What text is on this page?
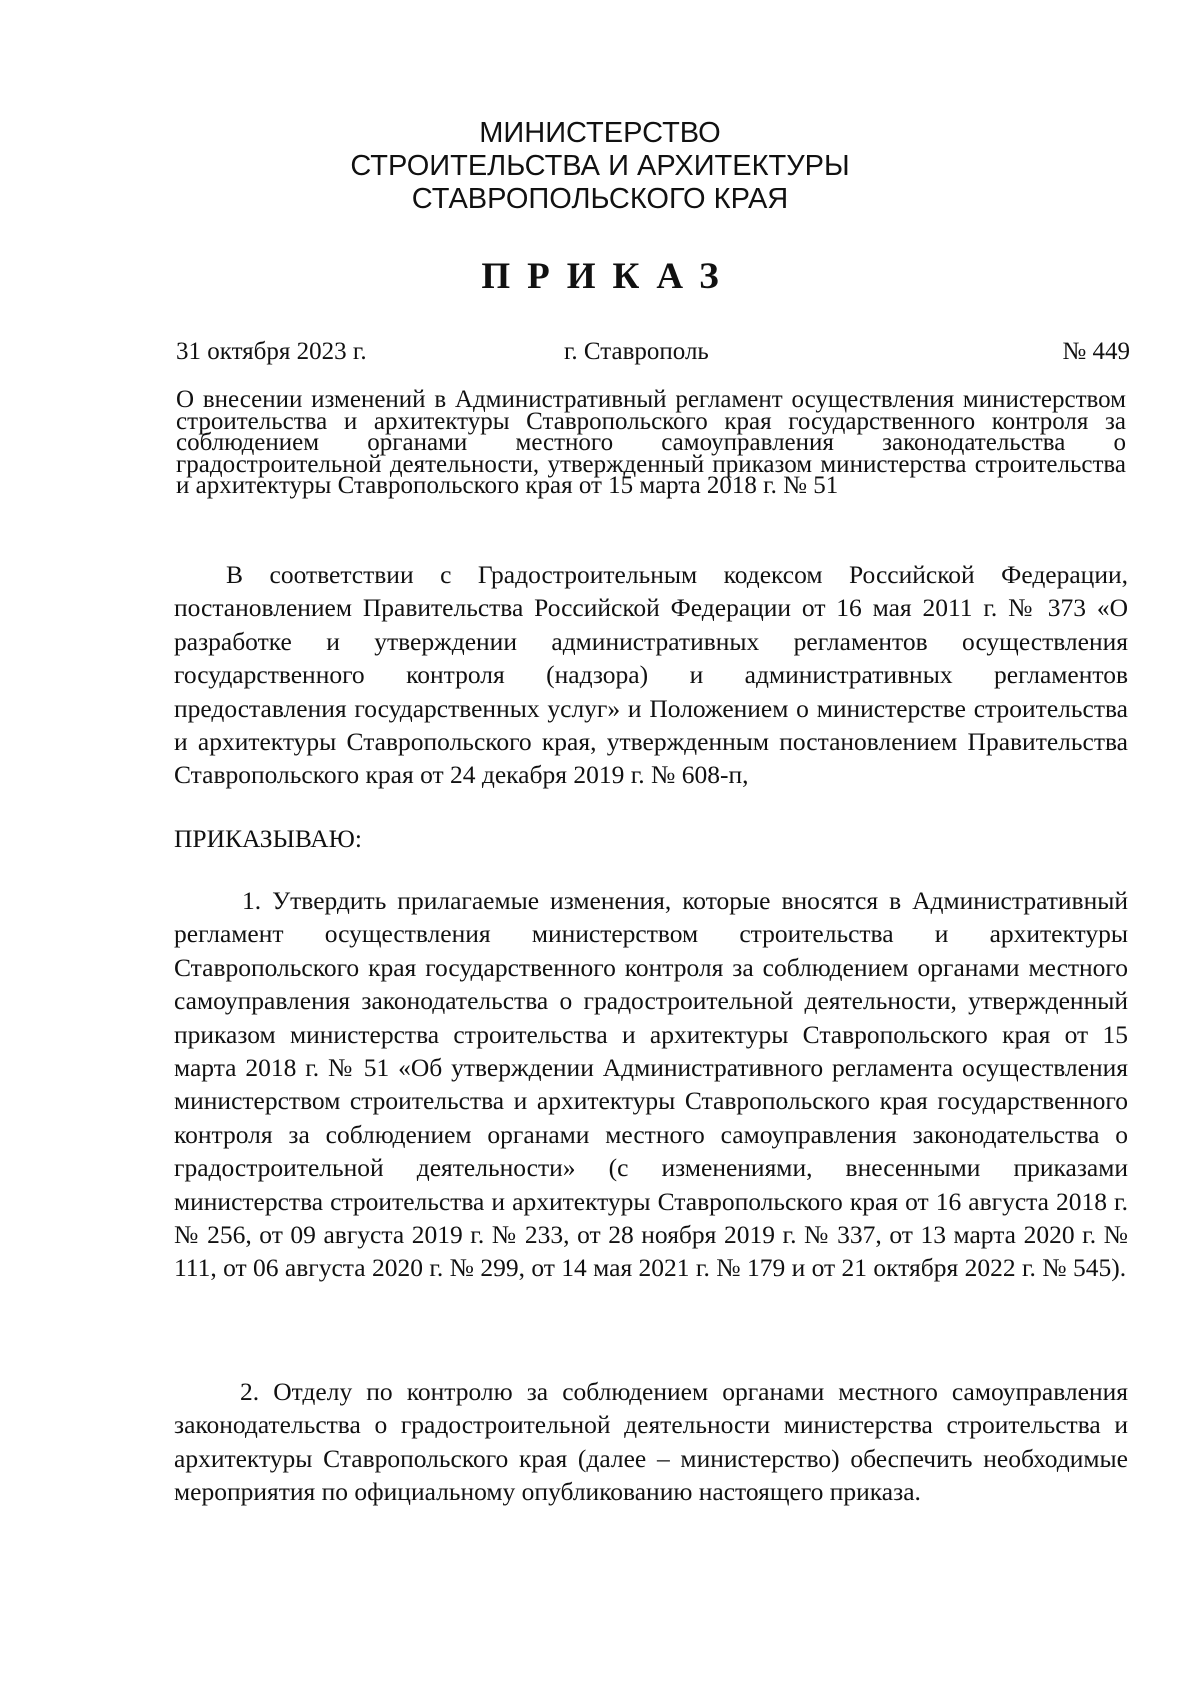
МИНИСТЕРСТВО
СТРОИТЕЛЬСТВА И АРХИТЕКТУРЫ
СТАВРОПОЛЬСКОГО КРАЯ
ПРИКАЗ
31 октября 2023 г.	г. Ставрополь	№ 449
О внесении изменений в Административный регламент осуществления министерством строительства и архитектуры Ставропольского края государственного контроля за соблюдением органами местного самоуправления законодательства о градостроительной деятельности, утвержденный приказом министерства строительства и архитектуры Ставропольского края от 15 марта 2018 г. № 51
В соответствии с Градостроительным кодексом Российской Федерации, постановлением Правительства Российской Федерации от 16 мая 2011 г. № 373 «О разработке и утверждении административных регламентов осуществления государственного контроля (надзора) и административных регламентов предоставления государственных услуг» и Положением о министерстве строительства и архитектуры Ставропольского края, утвержденным постановлением Правительства Ставропольского края от 24 декабря 2019 г. № 608-п,
ПРИКАЗЫВАЮ:
1. Утвердить прилагаемые изменения, которые вносятся в Административный регламент осуществления министерством строительства и архитектуры Ставропольского края государственного контроля за соблюдением органами местного самоуправления законодательства о градостроительной деятельности, утвержденный приказом министерства строительства и архитектуры Ставропольского края от 15 марта 2018 г. № 51 «Об утверждении Административного регламента осуществления министерством строительства и архитектуры Ставропольского края государственного контроля за соблюдением органами местного самоуправления законодательства о градостроительной деятельности» (с изменениями, внесенными приказами министерства строительства и архитектуры Ставропольского края от 16 августа 2018 г. № 256, от 09 августа 2019 г. № 233, от 28 ноября 2019 г. № 337, от 13 марта 2020 г. № 111, от 06 августа 2020 г. № 299, от 14 мая 2021 г. № 179 и от 21 октября 2022 г. № 545).
2. Отделу по контролю за соблюдением органами местного самоуправления законодательства о градостроительной деятельности министерства строительства и архитектуры Ставропольского края (далее – министерство) обеспечить необходимые мероприятия по официальному опубликованию настоящего приказа.
